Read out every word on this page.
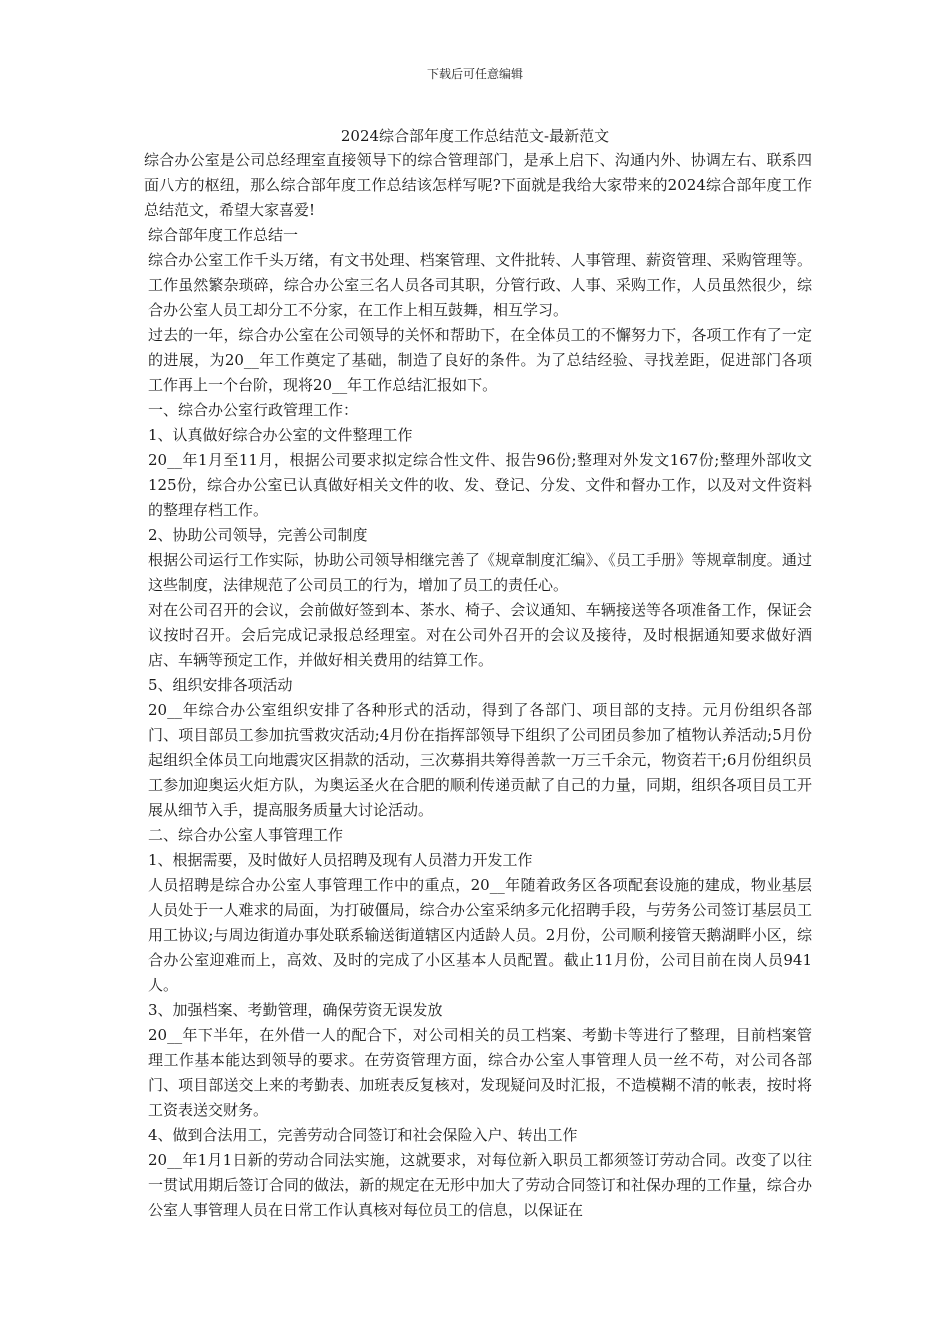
下载后可任意编辑
2024综合部年度工作总结范文-最新范文

综合办公室是公司总经理室直接领导下的综合管理部门，是承上启下、沟通内外、协调左右、联系四面八方的枢纽，那么综合部年度工作总结该怎样写呢?下面就是我给大家带来的2024综合部年度工作总结范文，希望大家喜爱!

综合部年度工作总结一

综合办公室工作千头万绪，有文书处理、档案管理、文件批转、人事管理、薪资管理、采购管理等。工作虽然繁杂琐碎，综合办公室三名人员各司其职，分管行政、人事、采购工作，人员虽然很少，综合办公室人员工却分工不分家，在工作上相互鼓舞，相互学习。

过去的一年，综合办公室在公司领导的关怀和帮助下，在全体员工的不懈努力下，各项工作有了一定的进展，为20__年工作奠定了基础，制造了良好的条件。为了总结经验、寻找差距，促进部门各项工作再上一个台阶，现将20__年工作总结汇报如下。

一、综合办公室行政管理工作：

1、认真做好综合办公室的文件整理工作

20__年1月至11月，根据公司要求拟定综合性文件、报告96份;整理对外发文167份;整理外部收文125份，综合办公室已认真做好相关文件的收、发、登记、分发、文件和督办工作，以及对文件资料的整理存档工作。

2、协助公司领导，完善公司制度

根据公司运行工作实际，协助公司领导相继完善了《规章制度汇编》、《员工手册》等规章制度。通过这些制度，法律规范了公司员工的行为，增加了员工的责任心。

对在公司召开的会议，会前做好签到本、茶水、椅子、会议通知、车辆接送等各项准备工作，保证会议按时召开。会后完成记录报总经理室。对在公司外召开的会议及接待，及时根据通知要求做好酒店、车辆等预定工作，并做好相关费用的结算工作。

5、组织安排各项活动

20__年综合办公室组织安排了各种形式的活动，得到了各部门、项目部的支持。元月份组织各部门、项目部员工参加抗雪救灾活动;4月份在指挥部领导下组织了公司团员参加了植物认养活动;5月份起组织全体员工向地震灾区捐款的活动，三次募捐共筹得善款一万三千余元，物资若干;6月份组织员工参加迎奥运火炬方队，为奥运圣火在合肥的顺利传递贡献了自己的力量，同期，组织各项目员工开展从细节入手，提高服务质量大讨论活动。

二、综合办公室人事管理工作

1、根据需要，及时做好人员招聘及现有人员潜力开发工作

人员招聘是综合办公室人事管理工作中的重点，20__年随着政务区各项配套设施的建成，物业基层人员处于一人难求的局面，为打破僵局，综合办公室采纳多元化招聘手段，与劳务公司签订基层员工用工协议;与周边街道办事处联系输送街道辖区内适龄人员。2月份，公司顺利接管天鹅湖畔小区，综合办公室迎难而上，高效、及时的完成了小区基本人员配置。截止11月份，公司目前在岗人员941人。

3、加强档案、考勤管理，确保劳资无误发放

20__年下半年，在外借一人的配合下，对公司相关的员工档案、考勤卡等进行了整理，目前档案管理工作基本能达到领导的要求。在劳资管理方面，综合办公室人事管理人员一丝不苟，对公司各部门、项目部送交上来的考勤表、加班表反复核对，发现疑问及时汇报，不造模糊不清的帐表，按时将工资表送交财务。

4、做到合法用工，完善劳动合同签订和社会保险入户、转出工作

20__年1月1日新的劳动合同法实施，这就要求，对每位新入职员工都须签订劳动合同。改变了以往一贯试用期后签订合同的做法，新的规定在无形中加大了劳动合同签订和社保办理的工作量，综合办公室人事管理人员在日常工作认真核对每位员工的信息，以保证在
